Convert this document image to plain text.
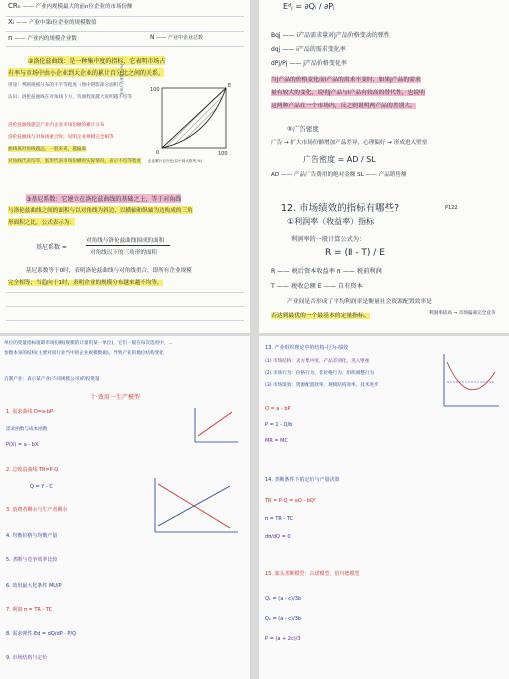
CRₙ —— 产业内规模最大的前n位企业的市场份额
Xᵢ —— 产业中第i位企业的规模数值
n —— 产业内的规模企业数	N —— 产业中企业总数
②洛伦兹曲线：是一种集中度的指标，它表明市场占
有率与市场中由小企业到大企业的累计百分比之间的关系。
用途：判断规模分布的不平等程度（图中阴影部分面积）
认识：洛伦兹曲线在对角线下方，弯曲程度越大说明越不均等
洛伦兹曲线就是产业内企业市场份额的累计分布
洛伦兹曲线与对角线重合时，说明企业规模完全相等
曲线离对角线越远，一般来说，越偏离
对角线代表均等，弧形代表市场份额的实际情况，表示不均等程度
100
0	100
E
企业累计百分比(以小到大排列,%)
市场占有率累计(%)
③基尼系数：它建立在洛伦兹曲线的基础之上，等于对角线
与洛伦兹曲线之间的面积与以对角线为斜边、以横轴和纵轴为边构成的三角
形面积之比。公式表示为：
基尼系数 =
对角线与洛伦兹曲线围成的面积
对角线以下的三角形的面积
基尼系数等于0时，表明洛伦兹曲线与对角线重合，即所有企业规模
完全相等；当趋向于1时，表明企业的规模分布越来越不均等。
Eᵈⱼ = ∂Qᵢ / ∂Pⱼ
Bqj —— i产品需求量对j产品价格变动的弹性
dqj —— i产品的需求变化率
dPj/Pj —— j产品价格变化率
当j产品的价格变化而i产品的需求不变时，如果j产品的需求
量有较大的变化，说明j产品与i产品有较高的替代性，也说明
这两种产品在一个市场内，反之则说明两产品的差别大。
⑤广告密度
广告 → 扩大市场份额增加产品差异，心理偏好 → 形成进入壁垒
广告密度 = AD / SL
AD —— 产品广告费用的绝对金额 SL —— 产品销售额
12. 市场绩效的指标有哪些?	P122
①利润率（收益率）指标
利润率的一般计算公式为：
R = (Ⅱ - T) / E
R —— 税后资本收益率 π —— 税前利润
T —— 税收总额 E —— 自有资本
产业间是否形成了平均利润率是衡量社会资源配置效率是
否达到最优的一个最基本的定量指标。	利润率较高 → 市场偏离完全竞争
单位的变量指标值即市场份额(规模的计量用某一单位)，它们一般在每次选用中，...
参数本身的结构(主要对同行业当中的企业规模数据)，导致产业的地位结构变化
自制产业：表示某产业(不同规模公司)的投资量
十·效用一生产模型
1. 需求曲线 D=a-bP
需求函数与成本函数
P(X) = a - bX
2. 总收益曲线 TR=P·Q
Q = Y - C
3. 消费者剩余与生产者剩余
4. 均衡价格与均衡产量
5. 垄断与竞争效率比较
6. 效用最大化条件 MU/P
7. 利润 π = TR - TC
8. 需求弹性 Ed = dQ/dP · P/Q
9. 市场结构与定价
13. 产业组织理论中的结构-行为-绩效
(1) 市场结构：卖方集中度、产品差别化、进入壁垒
(2) 市场行为：价格行为、非价格行为、组织调整行为
(3) 市场绩效：资源配置效率、规模结构效率、技术进步
Q = a - bP
P = 1 - Q/b
MR = MC
14. 垄断条件下的定价与产量决策
TR = P·Q = aQ - bQ²
π = TR - TC
dπ/dQ = 0
15. 寡头垄断模型：古诺模型、伯川德模型
Q₁ = (a - c)/3b
Q₂ = (a - c)/3b
P = (a + 2c)/3
